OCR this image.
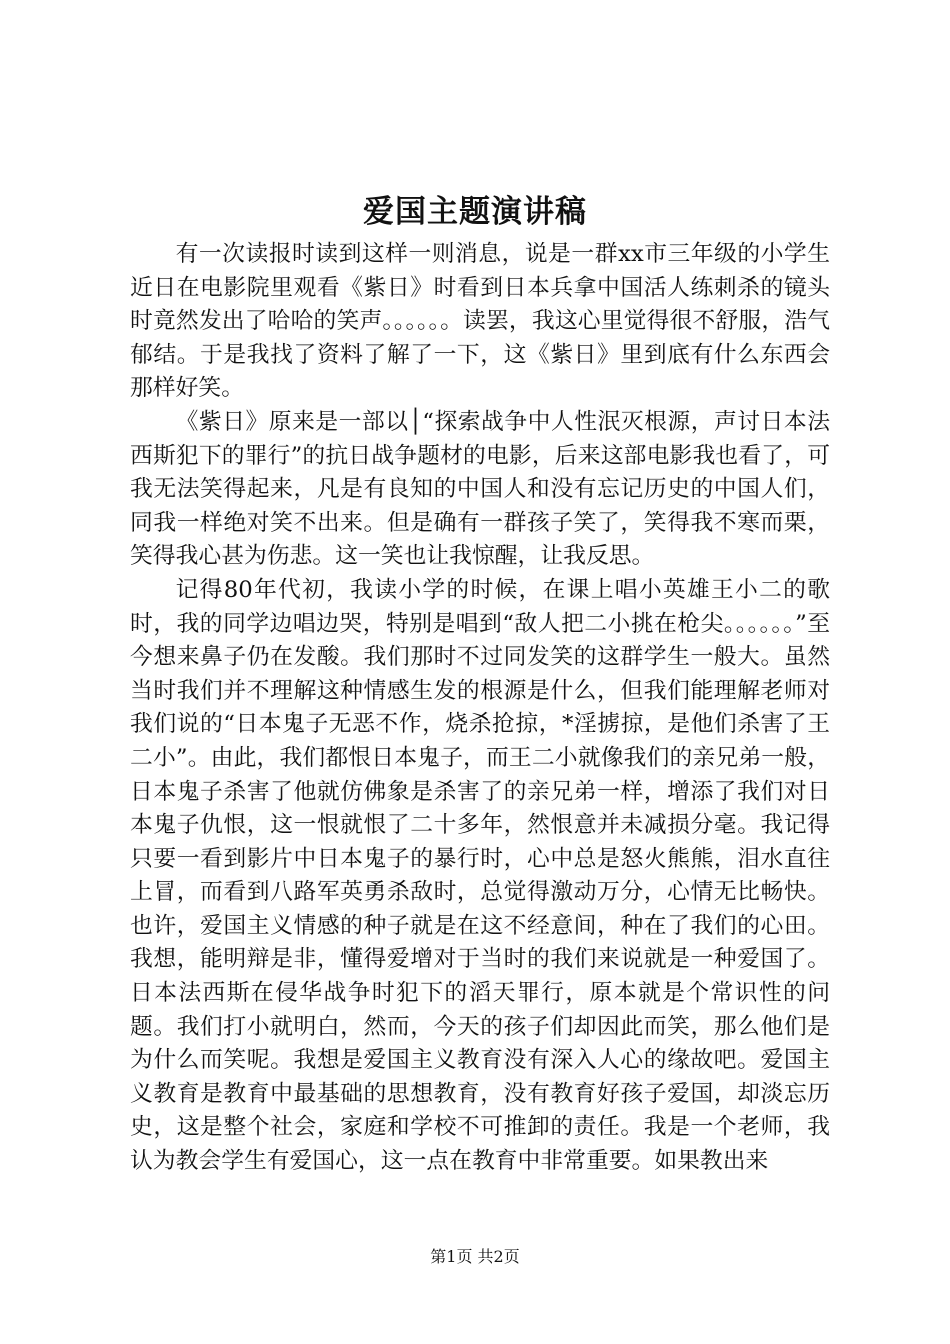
爱国主题演讲稿

有一次读报时读到这样一则消息，说是一群xx市三年级的小学生近日在电影院里观看《紫日》时看到日本兵拿中国活人练刺杀的镜头时竟然发出了哈哈的笑声。。。。。。读罢，我这心里觉得很不舒服，浩气郁结。于是我找了资料了解了一下，这《紫日》里到底有什么东西会那样好笑。

《紫日》原来是一部以│“探索战争中人性泯灭根源，声讨日本法西斯犯下的罪行”的抗日战争题材的电影，后来这部电影我也看了，可我无法笑得起来，凡是有良知的中国人和没有忘记历史的中国人们，同我一样绝对笑不出来。但是确有一群孩子笑了，笑得我不寒而栗，笑得我心甚为伤悲。这一笑也让我惊醒，让我反思。

记得80年代初，我读小学的时候，在课上唱小英雄王小二的歌时，我的同学边唱边哭，特别是唱到“敌人把二小挑在枪尖。。。。。。”至今想来鼻子仍在发酸。我们那时不过同发笑的这群学生一般大。虽然当时我们并不理解这种情感生发的根源是什么，但我们能理解老师对我们说的“日本鬼子无恶不作，烧杀抢掠，*淫掳掠，是他们杀害了王二小”。由此，我们都恨日本鬼子，而王二小就像我们的亲兄弟一般，日本鬼子杀害了他就仿佛象是杀害了的亲兄弟一样，增添了我们对日本鬼子仇恨，这一恨就恨了二十多年，然恨意并未减损分毫。我记得只要一看到影片中日本鬼子的暴行时，心中总是怒火熊熊，泪水直往上冒，而看到八路军英勇杀敌时，总觉得激动万分，心情无比畅快。也许，爱国主义情感的种子就是在这不经意间，种在了我们的心田。我想，能明辩是非，懂得爱增对于当时的我们来说就是一种爱国了。日本法西斯在侵华战争时犯下的滔天罪行，原本就是个常识性的问题。我们打小就明白，然而，今天的孩子们却因此而笑，那么他们是为什么而笑呢。我想是爱国主义教育没有深入人心的缘故吧。爱国主义教育是教育中最基础的思想教育，没有教育好孩子爱国，却淡忘历史，这是整个社会，家庭和学校不可推卸的责任。我是一个老师，我认为教会学生有爱国心，这一点在教育中非常重要。如果教出来

第1页 共2页
